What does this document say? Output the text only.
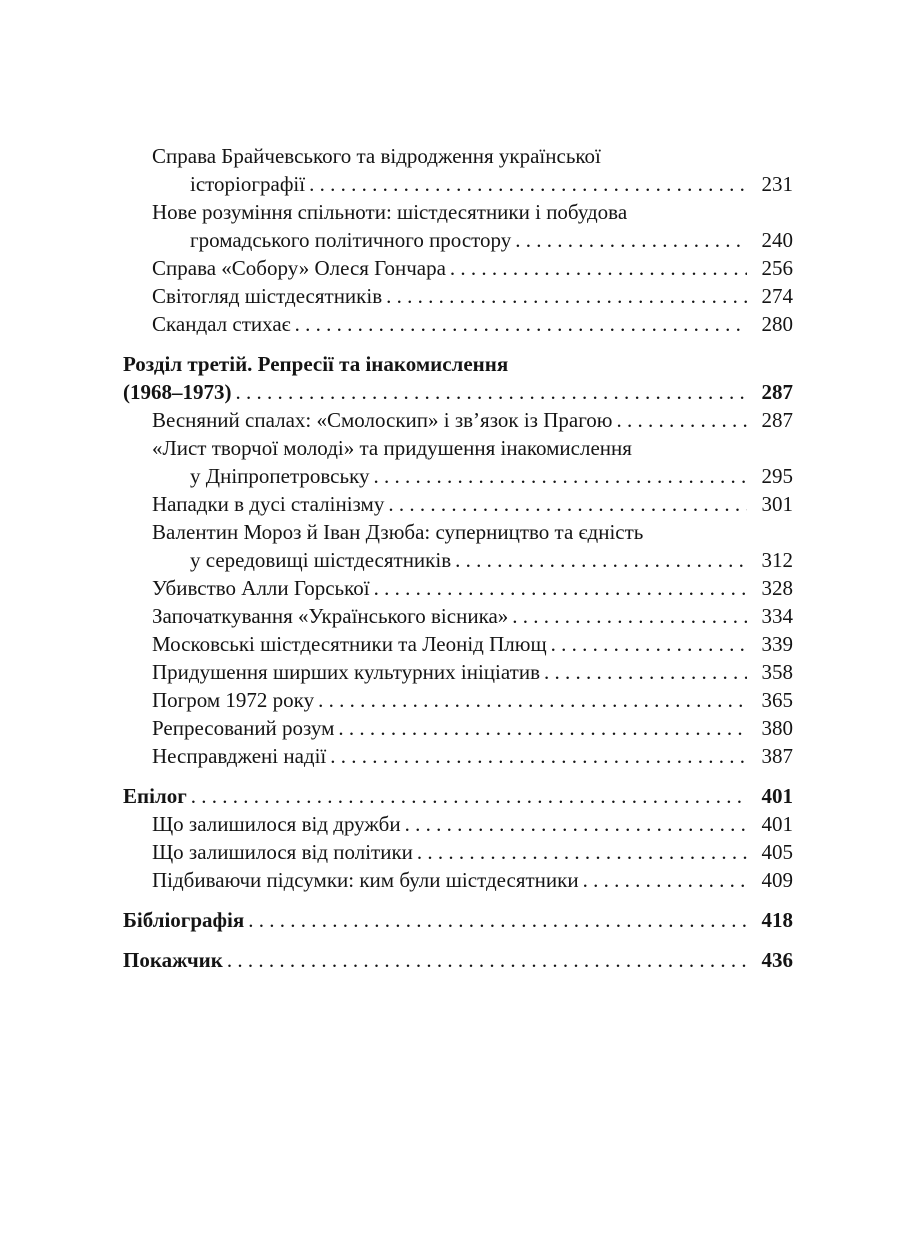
Справа Брайчевського та відродження української
історіографії . . .	231
Нове розуміння спільноти: шістдесятники і побудова
громадського політичного простору . . .	240
Справа «Собору» Олеся Гончара . . .	256
Світогляд шістдесятників . . .	274
Скандал стихає . . .	280
Розділ третій. Репресії та інакомислення
(1968–1973) . . .	287
Весняний спалах: «Смолоскип» і зв’язок із Прагою . . .	287
«Лист творчої молоді» та придушення інакомислення
у Дніпропетровську . . .	295
Нападки в дусі сталінізму . . .	301
Валентин Мороз й Іван Дзюба: суперництво та єдність
у середовищі шістдесятників . . .	312
Убивство Алли Горської . . .	328
Започаткування «Українського вісника» . . .	334
Московські шістдесятники та Леонід Плющ . . .	339
Придушення ширших культурних ініціатив . . .	358
Погром 1972 року . . .	365
Репресований розум . . .	380
Несправджені надії . . .	387
Епілог . . .	401
Що залишилося від дружби . . .	401
Що залишилося від політики . . .	405
Підбиваючи підсумки: ким були шістдесятники . . .	409
Бібліографія . . .	418
Покажчик . . .	436
